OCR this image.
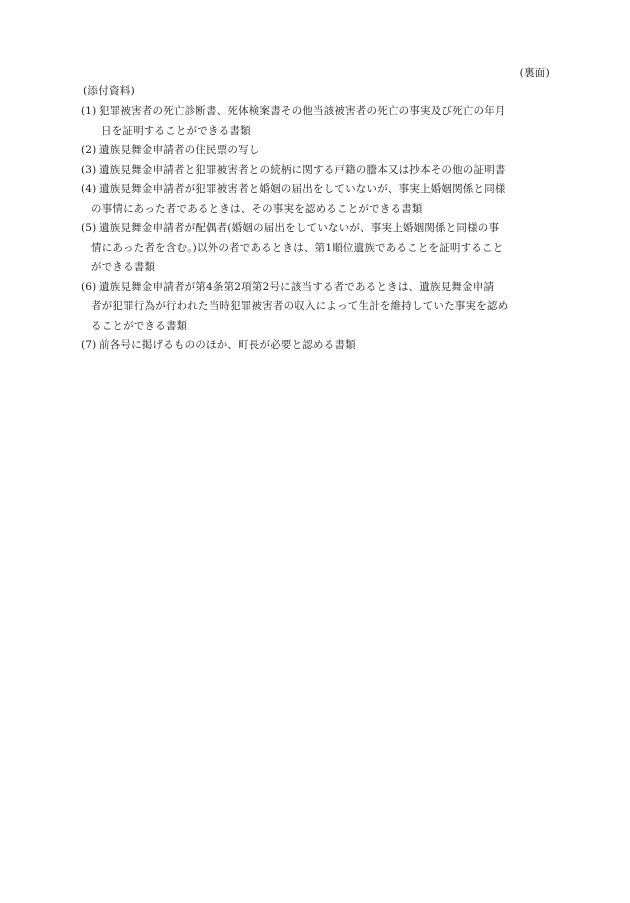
(裏面)
(添付資料)
(1) 犯罪被害者の死亡診断書、死体検案書その他当該被害者の死亡の事実及び死亡の年月
日を証明することができる書類
(2) 遺族見舞金申請者の住民票の写し
(3) 遺族見舞金申請者と犯罪被害者との続柄に関する戸籍の謄本又は抄本その他の証明書
(4) 遺族見舞金申請者が犯罪被害者と婚姻の届出をしていないが、事実上婚姻関係と同様
の事情にあった者であるときは、その事実を認めることができる書類
(5) 遺族見舞金申請者が配偶者(婚姻の届出をしていないが、事実上婚姻関係と同様の事
情にあった者を含む。)以外の者であるときは、第1順位遺族であることを証明すること
ができる書類
(6) 遺族見舞金申請者が第4条第2項第2号に該当する者であるときは、遺族見舞金申請
者が犯罪行為が行われた当時犯罪被害者の収入によって生計を維持していた事実を認め
ることができる書類
(7) 前各号に掲げるもののほか、町長が必要と認める書類
